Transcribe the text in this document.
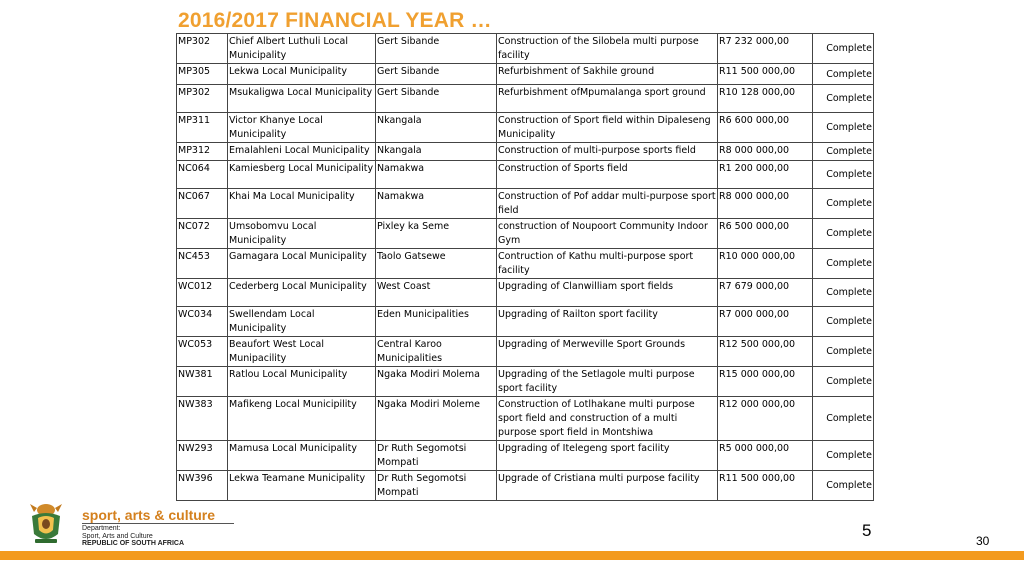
2016/2017 FINANCIAL YEAR …
MP302	Chief Albert Luthuli Local Municipality	Gert Sibande	Construction of the Silobela multi purpose facility	R7 232 000,00	Complete
MP305	Lekwa Local Municipality	Gert Sibande	Refurbishment of Sakhile ground	R11 500 000,00	Complete
MP302	Msukaligwa Local Municipality	Gert Sibande	Refurbishment ofMpumalanga sport ground	R10 128 000,00	Complete
MP311	Victor Khanye Local Municipality	Nkangala	Construction of Sport field within Dipaleseng Municipality	R6 600 000,00	Complete
MP312	Emalahleni Local Municipality	Nkangala	Construction of multi-purpose sports field	R8 000 000,00	Complete
NC064	Kamiesberg Local Municipality	Namakwa	Construction of Sports field	R1 200 000,00	Complete
NC067	Khai Ma Local Municipality	Namakwa	Construction of Pof addar multi-purpose sport field	R8 000 000,00	Complete
NC072	Umsobomvu Local Municipality	Pixley ka Seme	construction of Noupoort Community Indoor Gym	R6 500 000,00	Complete
NC453	Gamagara Local Municipality	Taolo Gatsewe	Contruction of Kathu multi-purpose sport facility	R10 000 000,00	Complete
WC012	Cederberg Local Municipality	West Coast	Upgrading of Clanwilliam sport fields	R7 679 000,00	Complete
WC034	Swellendam Local Municipality	Eden Municipalities	Upgrading of Railton sport facility	R7 000 000,00	Complete
WC053	Beaufort West Local Munipacility	Central Karoo Municipalities	Upgrading of Merweville Sport Grounds	R12 500 000,00	Complete
NW381	Ratlou Local Municipality	Ngaka Modiri Molema	Upgrading of the Setlagole multi purpose sport facility	R15 000 000,00	Complete
NW383	Mafikeng Local Municipility	Ngaka Modiri Moleme	Construction of Lotlhakane multi purpose sport field and construction of a multi purpose sport field in Montshiwa	R12 000 000,00	Complete
NW293	Mamusa Local Municipality	Dr Ruth Segomotsi Mompati	Upgrading of Itelegeng sport facility	R5 000 000,00	Complete
NW396	Lekwa Teamane Municipality	Dr Ruth Segomotsi Mompati	Upgrade of Cristiana multi purpose facility	R11 500 000,00	Complete
sport, arts & culture
Department:
Sport, Arts and Culture
REPUBLIC OF SOUTH AFRICA
5
30
